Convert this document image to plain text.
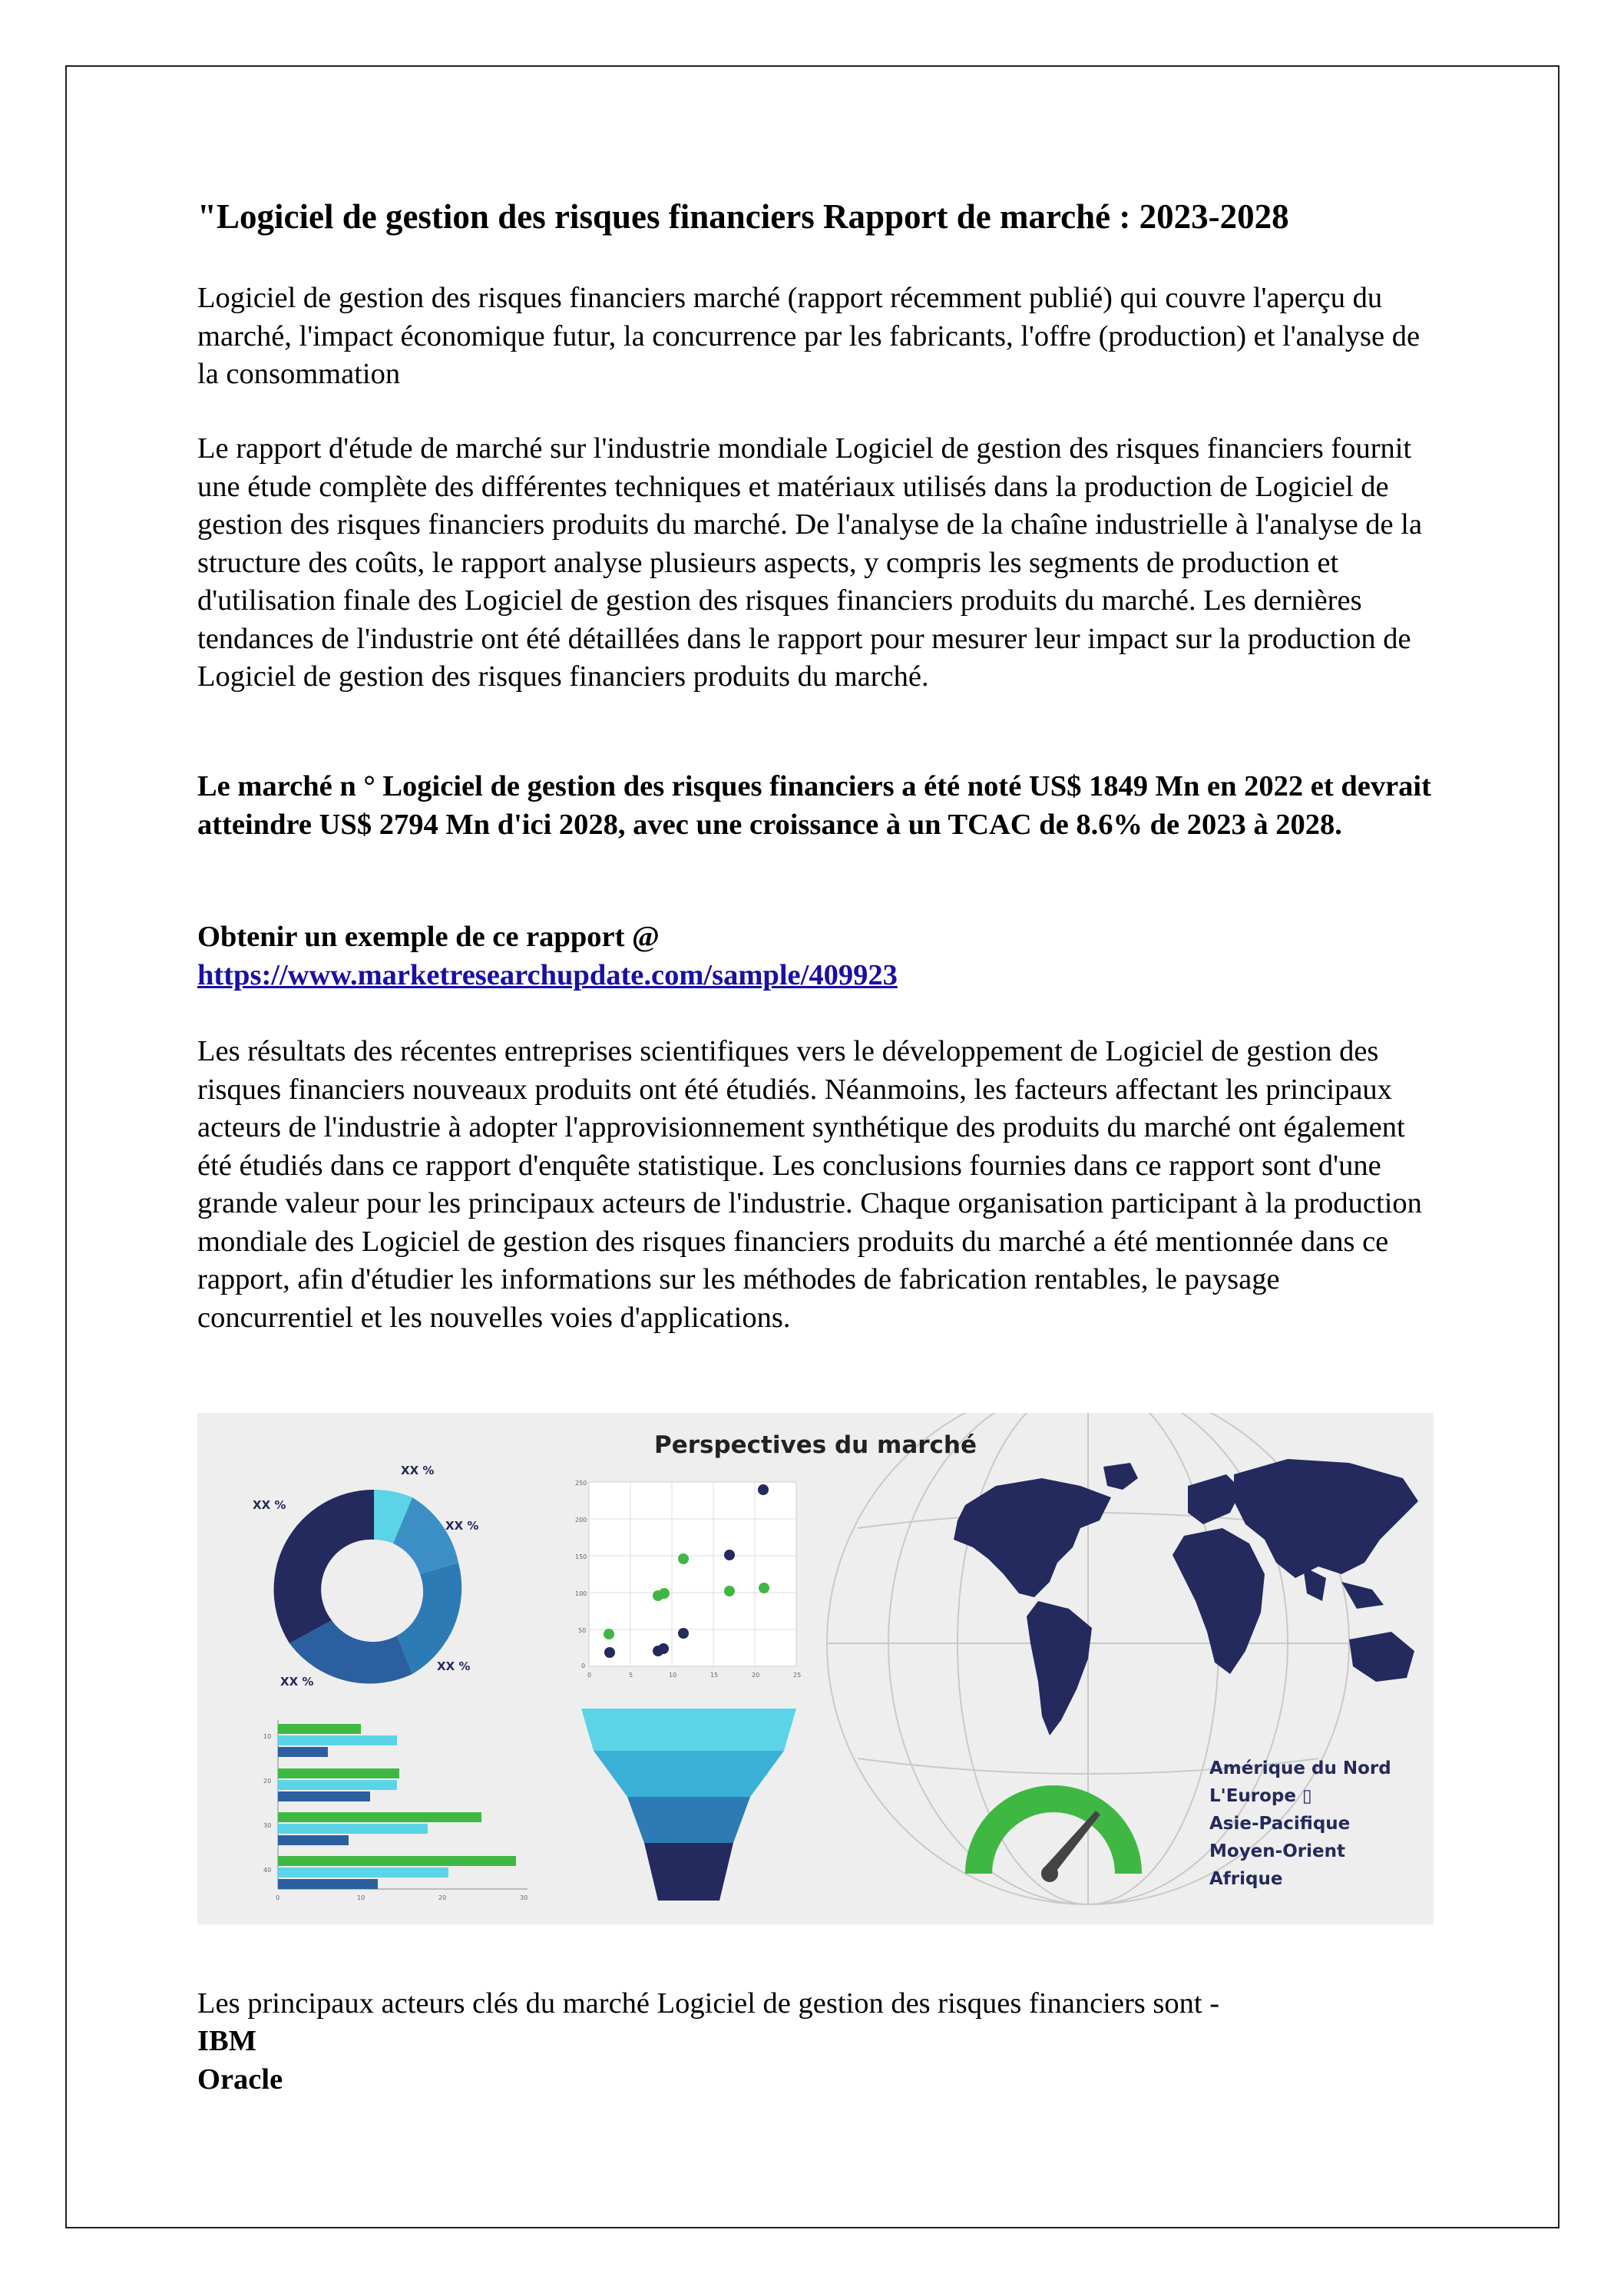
"Logiciel de gestion des risques financiers Rapport de marché : 2023-2028
Logiciel de gestion des risques financiers marché (rapport récemment publié) qui couvre l'aperçu du marché, l'impact économique futur, la concurrence par les fabricants, l'offre (production) et l'analyse de la consommation
Le rapport d'étude de marché sur l'industrie mondiale Logiciel de gestion des risques financiers fournit une étude complète des différentes techniques et matériaux utilisés dans la production de Logiciel de gestion des risques financiers produits du marché. De l'analyse de la chaîne industrielle à l'analyse de la structure des coûts, le rapport analyse plusieurs aspects, y compris les segments de production et d'utilisation finale des Logiciel de gestion des risques financiers produits du marché. Les dernières tendances de l'industrie ont été détaillées dans le rapport pour mesurer leur impact sur la production de Logiciel de gestion des risques financiers produits du marché.
Le marché n ° Logiciel de gestion des risques financiers a été noté US$ 1849 Mn en 2022 et devrait atteindre US$ 2794 Mn d'ici 2028, avec une croissance à un TCAC de 8.6% de 2023 à 2028.
Obtenir un exemple de ce rapport @
https://www.marketresearchupdate.com/sample/409923
Les résultats des récentes entreprises scientifiques vers le développement de Logiciel de gestion des risques financiers nouveaux produits ont été étudiés. Néanmoins, les facteurs affectant les principaux acteurs de l'industrie à adopter l'approvisionnement synthétique des produits du marché ont également été étudiés dans ce rapport d'enquête statistique. Les conclusions fournies dans ce rapport sont d'une grande valeur pour les principaux acteurs de l'industrie. Chaque organisation participant à la production mondiale des Logiciel de gestion des risques financiers produits du marché a été mentionnée dans ce rapport, afin d'étudier les informations sur les méthodes de fabrication rentables, le paysage concurrentiel et les nouvelles voies d'applications.
Perspectives du marché
XX %
XX %
XX %
XX %
XX %
250
200
150
100
50
0
0	5	10	15	20	25
10
20
30
40
0	10	20	30
Amérique du Nord
L'Europe ▯
Asie-Pacifique
Moyen-Orient
Afrique
Les principaux acteurs clés du marché Logiciel de gestion des risques financiers sont -
IBM
Oracle
